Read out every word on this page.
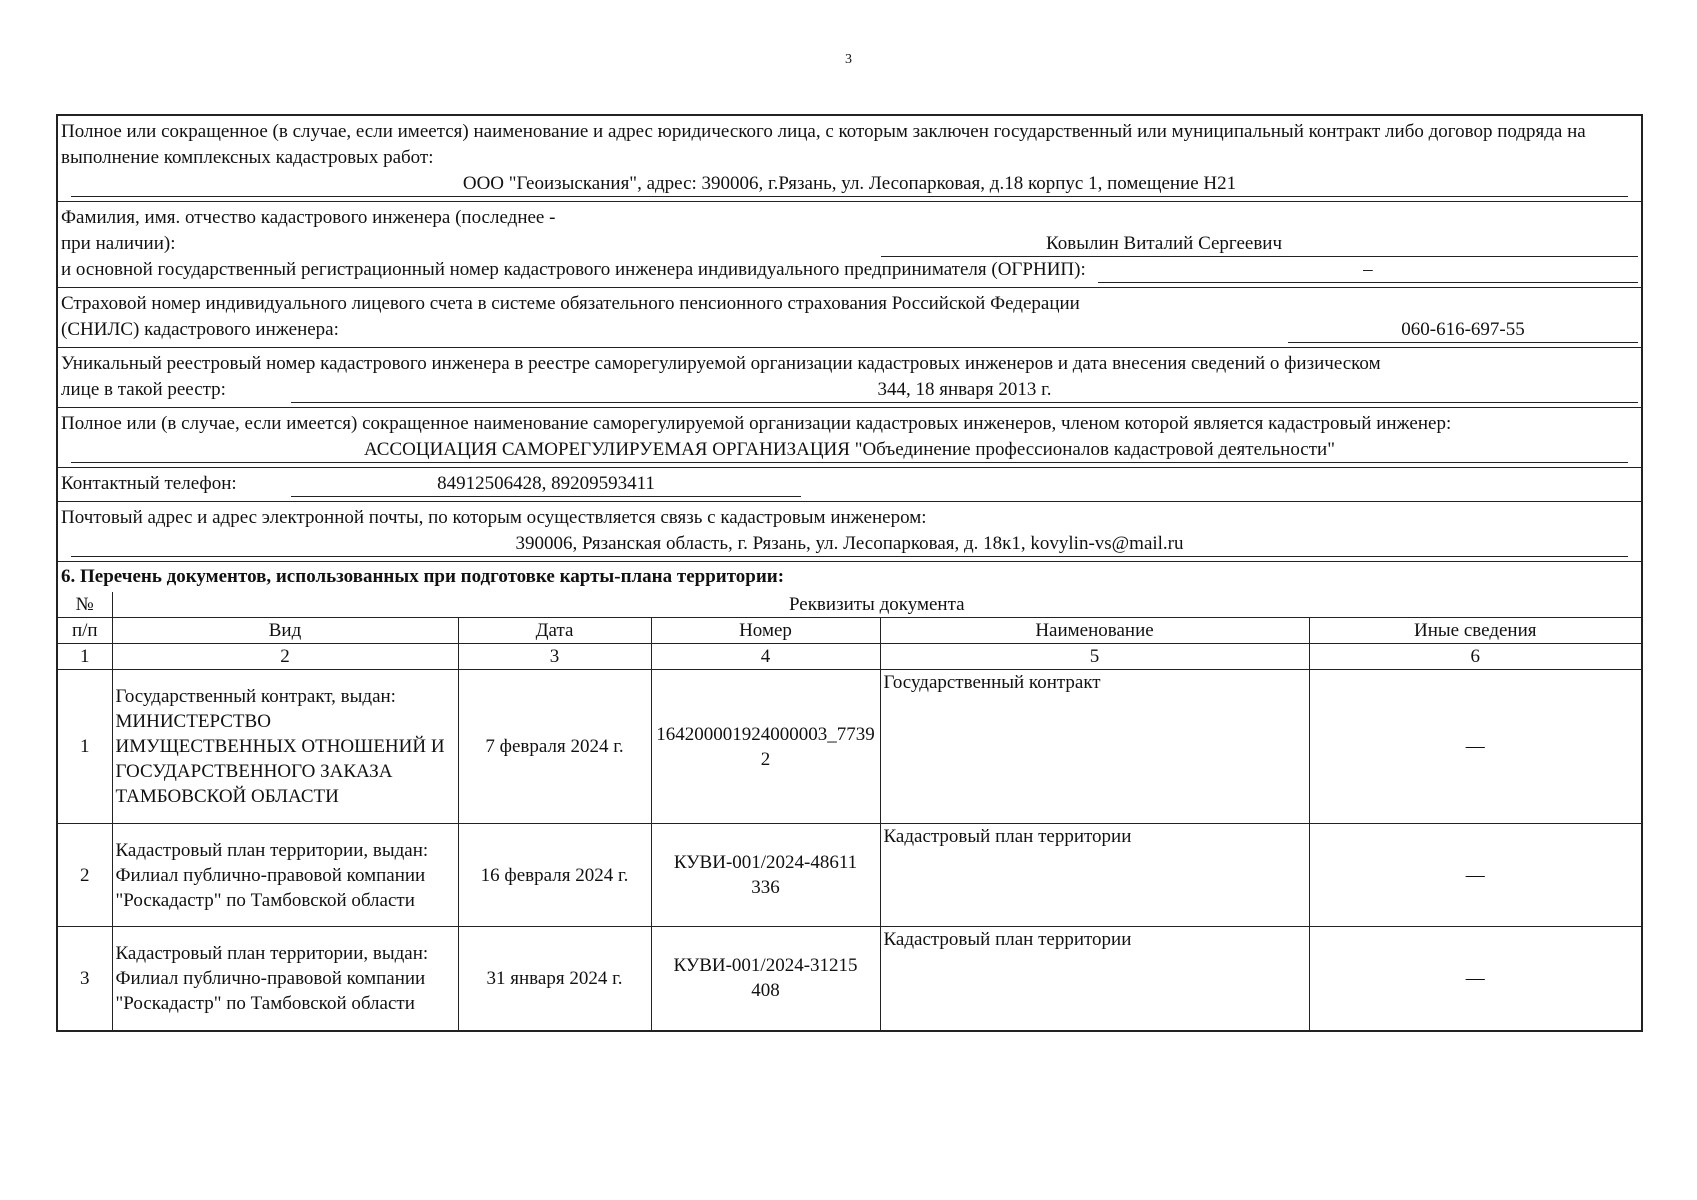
3
Полное или сокращенное (в случае, если имеется) наименование и адрес юридического лица, с которым заключен государственный или муниципальный контракт либо договор подряда на выполнение комплексных кадастровых работ:
ООО "Геоизыскания", адрес: 390006, г.Рязань, ул. Лесопарковая, д.18 корпус 1, помещение Н21
Фамилия, имя. отчество кадастрового инженера (последнее - при наличии):	Ковылин Виталий Сергеевич
и основной государственный регистрационный номер кадастрового инженера индивидуального предпринимателя (ОГРНИП):	–
Страховой номер индивидуального лицевого счета в системе обязательного пенсионного страхования Российской Федерации
(СНИЛС) кадастрового инженера:	060-616-697-55
Уникальный реестровый номер кадастрового инженера в реестре саморегулируемой организации кадастровых инженеров и дата внесения сведений о физическом
лице в такой реестр:	344, 18 января 2013 г.
Полное или (в случае, если имеется) сокращенное наименование саморегулируемой организации кадастровых инженеров, членом которой является кадастровый инженер:
АССОЦИАЦИЯ САМОРЕГУЛИРУЕМАЯ ОРГАНИЗАЦИЯ "Объединение профессионалов кадастровой деятельности"
Контактный телефон:	84912506428, 89209593411
Почтовый адрес и адрес электронной почты, по которым осуществляется связь с кадастровым инженером:
390006, Рязанская область, г. Рязань, ул. Лесопарковая, д. 18к1, kovylin-vs@mail.ru
6. Перечень документов, использованных при подготовке карты-плана территории:
№	Реквизиты документа				
п/п	Вид	Дата	Номер	Наименование	Иные сведения
1	2	3	4	5	6
1	Государственный контракт, выдан: МИНИСТЕРСТВО ИМУЩЕСТВЕННЫХ ОТНОШЕНИЙ И ГОСУДАРСТВЕННОГО ЗАКАЗА ТАМБОВСКОЙ ОБЛАСТИ	7 февраля 2024 г.	164200001924000003_77392	Государственный контракт	—
2	Кадастровый план территории, выдан: Филиал публично-правовой компании "Роскадастр" по Тамбовской области	16 февраля 2024 г.	КУВИ-001/2024-48611336	Кадастровый план территории	—
3	Кадастровый план территории, выдан: Филиал публично-правовой компании "Роскадастр" по Тамбовской области	31 января 2024 г.	КУВИ-001/2024-31215408	Кадастровый план территории	—
